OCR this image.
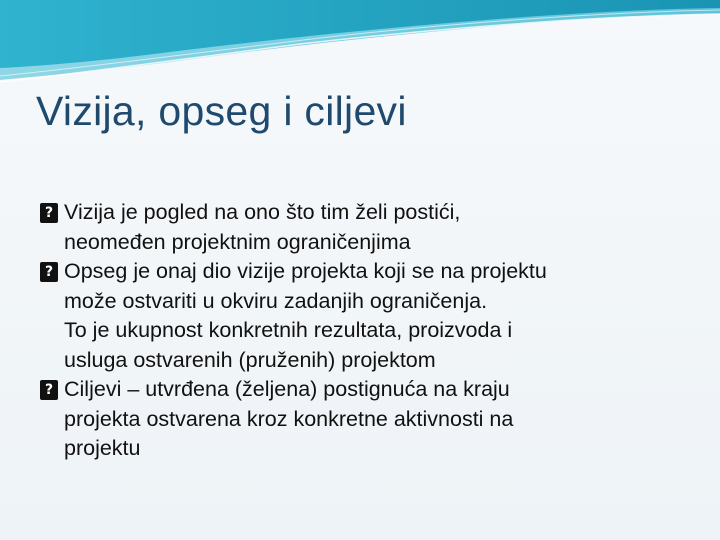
Vizija, opseg i ciljevi
? Vizija je pogled na ono što tim želi postići,
neomeđen projektnim ograničenjima
? Opseg je onaj dio vizije projekta koji se na projektu
može ostvariti u okviru zadanjih ograničenja.
To je ukupnost konkretnih rezultata, proizvoda i
usluga ostvarenih (pruženih) projektom
? Ciljevi – utvrđena (željena) postignuća na kraju
projekta ostvarena kroz konkretne aktivnosti na
projektu
